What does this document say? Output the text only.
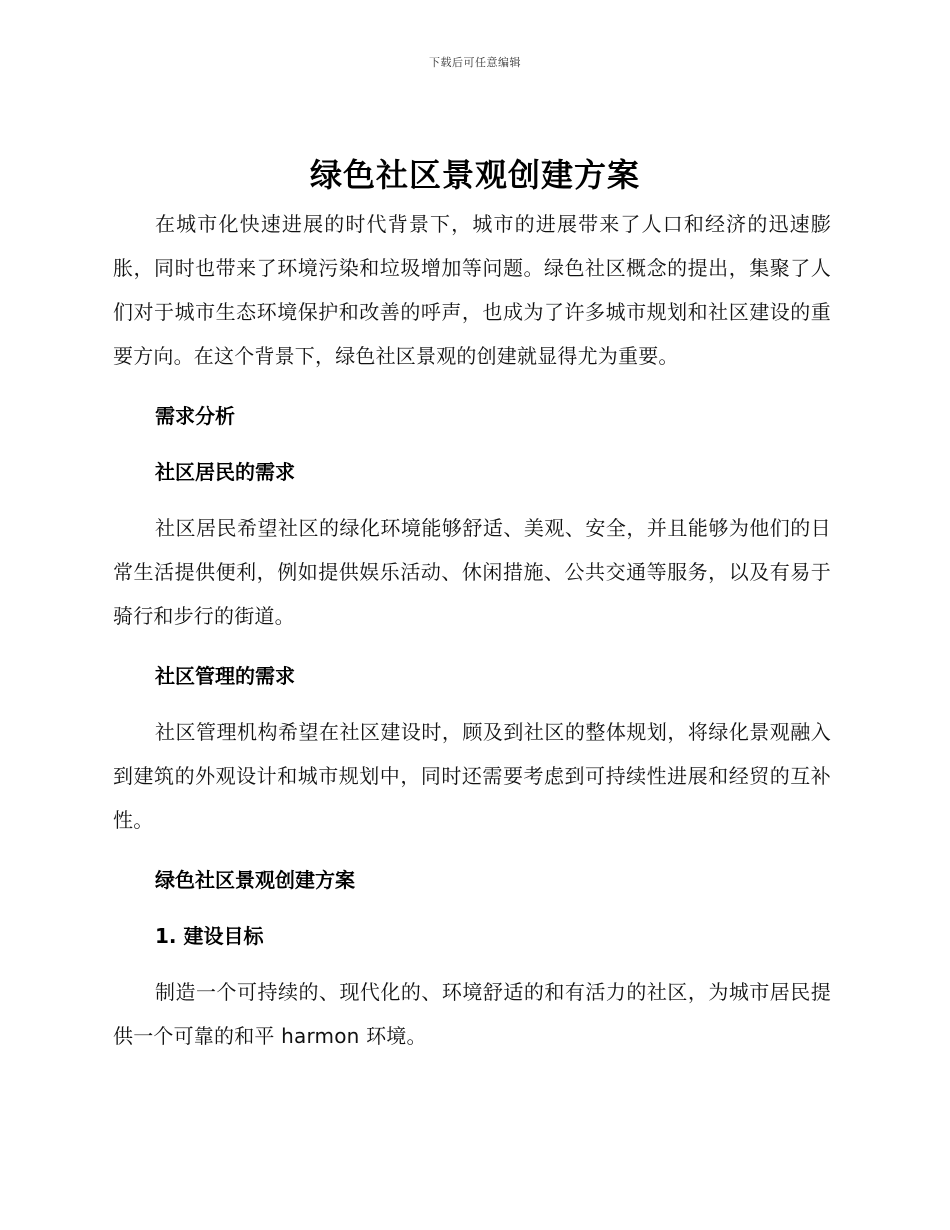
下载后可任意编辑
绿色社区景观创建方案

在城市化快速进展的时代背景下，城市的进展带来了人口和经济的迅速膨胀，同时也带来了环境污染和垃圾增加等问题。绿色社区概念的提出，集聚了人们对于城市生态环境保护和改善的呼声，也成为了许多城市规划和社区建设的重要方向。在这个背景下，绿色社区景观的创建就显得尤为重要。

需求分析
社区居民的需求

社区居民希望社区的绿化环境能够舒适、美观、安全，并且能够为他们的日常生活提供便利，例如提供娱乐活动、休闲措施、公共交通等服务，以及有易于骑行和步行的街道。

社区管理的需求

社区管理机构希望在社区建设时，顾及到社区的整体规划，将绿化景观融入到建筑的外观设计和城市规划中，同时还需要考虑到可持续性进展和经贸的互补性。

绿色社区景观创建方案
1. 建设目标

制造一个可持续的、现代化的、环境舒适的和有活力的社区，为城市居民提供一个可靠的和平 harmon 环境。
